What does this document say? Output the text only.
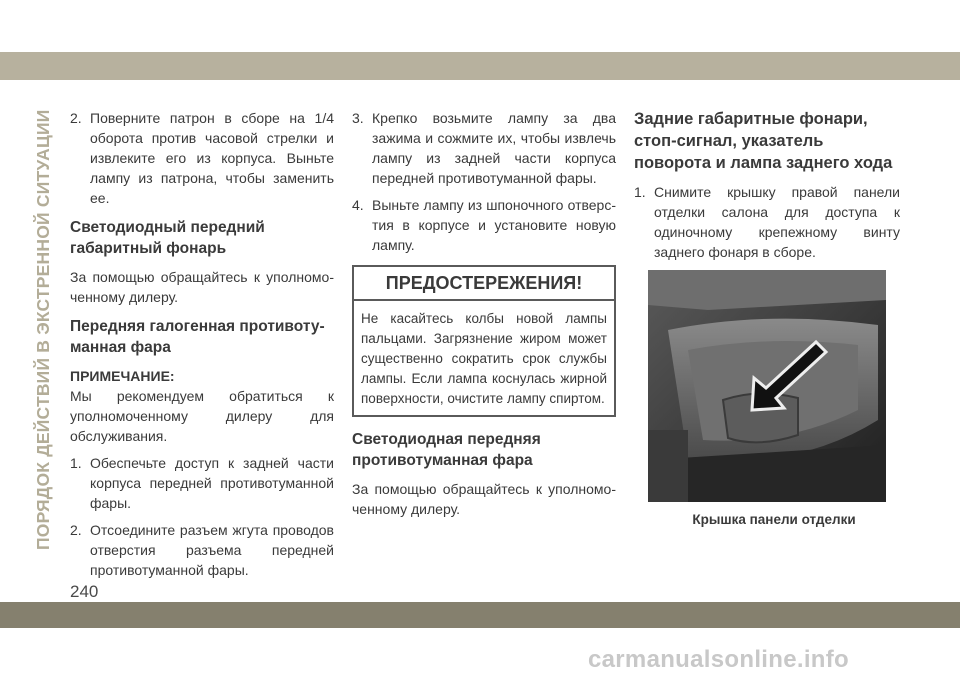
ПОРЯДОК ДЕЙСТВИЙ В ЭКСТРЕННОЙ СИТУАЦИИ 2. Поверните патрон в сборе на 1/4 оборота против часовой стрелки и извлеките его из корпуса. Выньте лампу из патрона, чтобы заменить ее.
Светодиодный передний габаритный фонарь
За помощью обращайтесь к уполномоченному дилеру.
Передняя галогенная противотуманная фара
ПРИМЕЧАНИЕ:
Мы рекомендуем обратиться к уполномоченному дилеру для обслуживания.
1. Обеспечьте доступ к задней части корпуса передней противотуманной фары.
2. Отсоедините разъем жгута проводов отверстия разъема передней противотуманной фары.
3. Крепко возьмите лампу за два зажима и сожмите их, чтобы извлечь лампу из задней части корпуса передней противотуманной фары.
4. Выньте лампу из шпоночного отверстия в корпусе и установите новую лампу.
ПРЕДОСТЕРЕЖЕНИЯ!
Не касайтесь колбы новой лампы пальцами. Загрязнение жиром может существенно сократить срок службы лампы. Если лампа коснулась жирной поверхности, очистите лампу спиртом.
Светодиодная передняя противотуманная фара
За помощью обращайтесь к уполномоченному дилеру.
Задние габаритные фонари, стоп-сигнал, указатель поворота и лампа заднего хода
1. Снимите крышку правой панели отделки салона для доступа к одиночному крепежному винту заднего фонаря в сборе.
Крышка панели отделки
240
carmanualsonline.info
